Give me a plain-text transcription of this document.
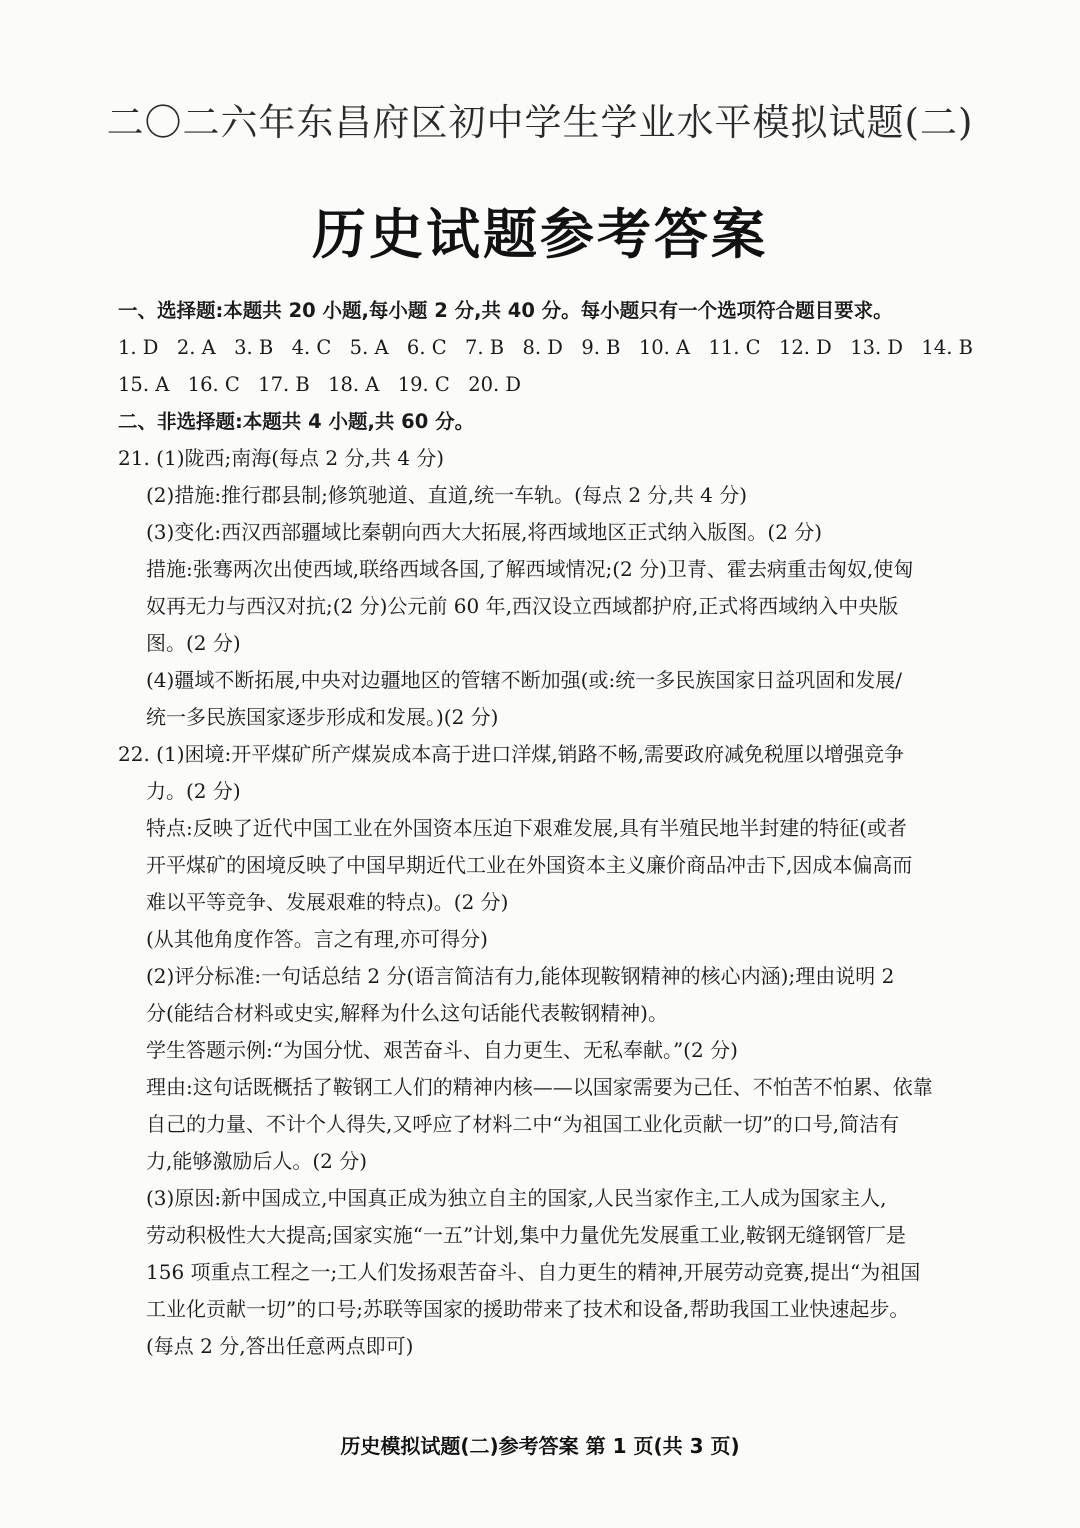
二〇二六年东昌府区初中学生学业水平模拟试题(二)
历史试题参考答案
一、选择题:本题共 20 小题,每小题 2 分,共 40 分。每小题只有一个选项符合题目要求。
1. D 2. A 3. B 4. C 5. A 6. C 7. B 8. D 9. B 10. A 11. C 12. D 13. D 14. B
15. A 16. C 17. B 18. A 19. C 20. D
二、非选择题:本题共 4 小题,共 60 分。
21. (1)陇西;南海(每点 2 分,共 4 分)
(2)措施:推行郡县制;修筑驰道、直道,统一车轨。(每点 2 分,共 4 分)
(3)变化:西汉西部疆域比秦朝向西大大拓展,将西域地区正式纳入版图。(2 分)
措施:张骞两次出使西域,联络西域各国,了解西域情况;(2 分)卫青、霍去病重击匈奴,使匈
奴再无力与西汉对抗;(2 分)公元前 60 年,西汉设立西域都护府,正式将西域纳入中央版
图。(2 分)
(4)疆域不断拓展,中央对边疆地区的管辖不断加强(或:统一多民族国家日益巩固和发展/
统一多民族国家逐步形成和发展。)(2 分)
22. (1)困境:开平煤矿所产煤炭成本高于进口洋煤,销路不畅,需要政府减免税厘以增强竞争
力。(2 分)
特点:反映了近代中国工业在外国资本压迫下艰难发展,具有半殖民地半封建的特征(或者
开平煤矿的困境反映了中国早期近代工业在外国资本主义廉价商品冲击下,因成本偏高而
难以平等竞争、发展艰难的特点)。(2 分)
(从其他角度作答。言之有理,亦可得分)
(2)评分标准:一句话总结 2 分(语言简洁有力,能体现鞍钢精神的核心内涵);理由说明 2
分(能结合材料或史实,解释为什么这句话能代表鞍钢精神)。
学生答题示例:“为国分忧、艰苦奋斗、自力更生、无私奉献。”(2 分)
理由:这句话既概括了鞍钢工人们的精神内核——以国家需要为己任、不怕苦不怕累、依靠
自己的力量、不计个人得失,又呼应了材料二中“为祖国工业化贡献一切”的口号,简洁有
力,能够激励后人。(2 分)
(3)原因:新中国成立,中国真正成为独立自主的国家,人民当家作主,工人成为国家主人,
劳动积极性大大提高;国家实施“一五”计划,集中力量优先发展重工业,鞍钢无缝钢管厂是
156 项重点工程之一;工人们发扬艰苦奋斗、自力更生的精神,开展劳动竞赛,提出“为祖国
工业化贡献一切”的口号;苏联等国家的援助带来了技术和设备,帮助我国工业快速起步。
(每点 2 分,答出任意两点即可)
历史模拟试题(二)参考答案 第 1 页(共 3 页)
